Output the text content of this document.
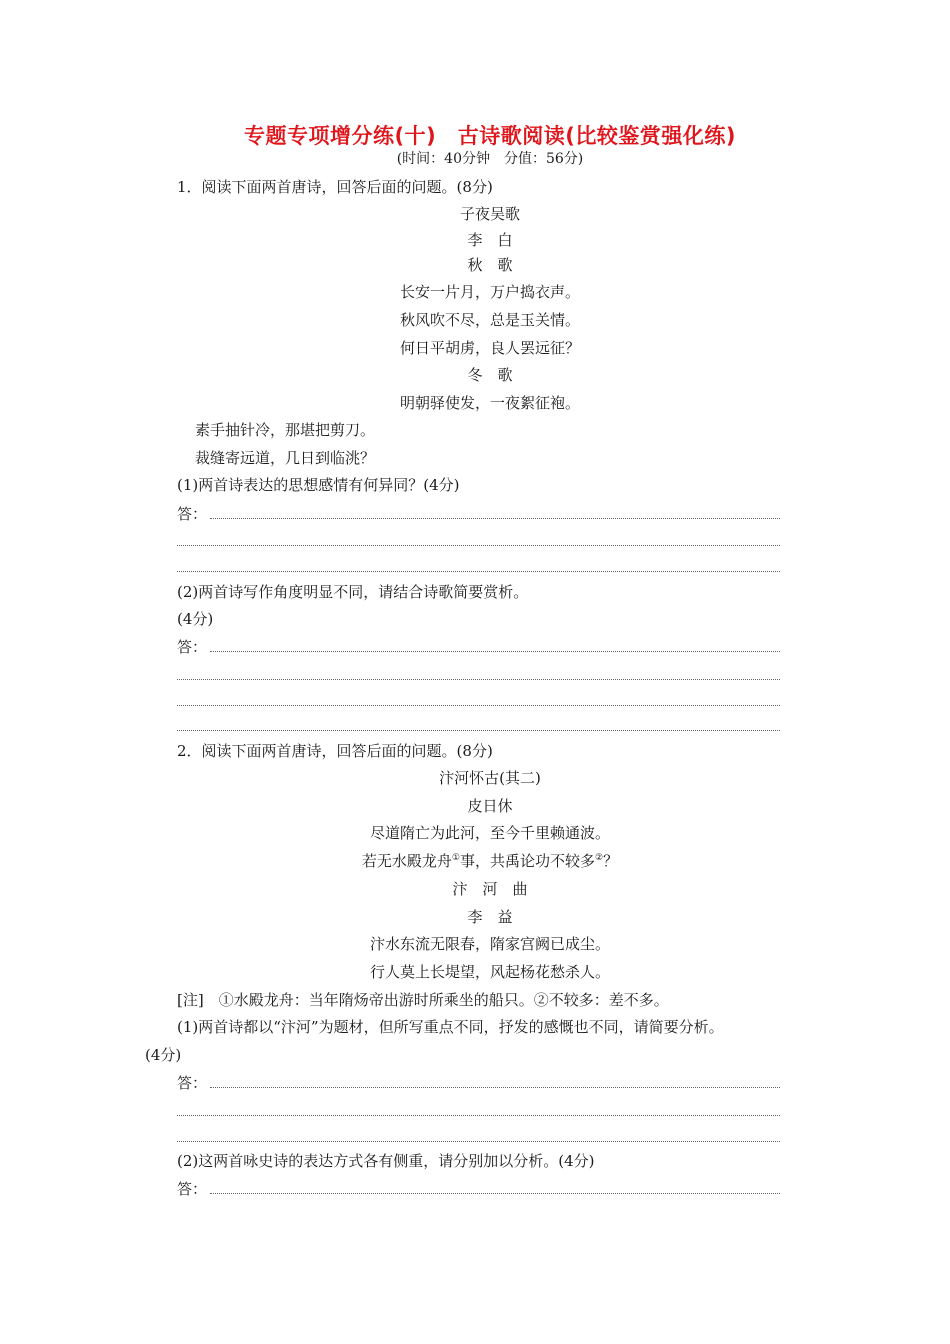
专题专项增分练(十)　古诗歌阅读(比较鉴赏强化练)
(时间：40分钟　分值：56分)
1．阅读下面两首唐诗，回答后面的问题。(8分)
子夜吴歌
李　白
秋　歌
长安一片月，万户捣衣声。
秋风吹不尽，总是玉关情。
何日平胡虏，良人罢远征？
冬　歌
明朝驿使发，一夜絮征袍。
素手抽针冷，那堪把剪刀。
裁缝寄远道，几日到临洮？
(1)两首诗表达的思想感情有何异同？(4分)
答：
(2)两首诗写作角度明显不同，请结合诗歌简要赏析。
(4分)
答：
2．阅读下面两首唐诗，回答后面的问题。(8分)
汴河怀古(其二)
皮日休
尽道隋亡为此河，至今千里赖通波。
若无水殿龙舟①事，共禹论功不较多②？
汴　河　曲
李　益
汴水东流无限春，隋家宫阙已成尘。
行人莫上长堤望，风起杨花愁杀人。
[注]　①水殿龙舟：当年隋炀帝出游时所乘坐的船只。②不较多：差不多。
(1)两首诗都以“汴河”为题材，但所写重点不同，抒发的感慨也不同，请简要分析。
(4分)
答：
(2)这两首咏史诗的表达方式各有侧重，请分别加以分析。(4分)
答：
